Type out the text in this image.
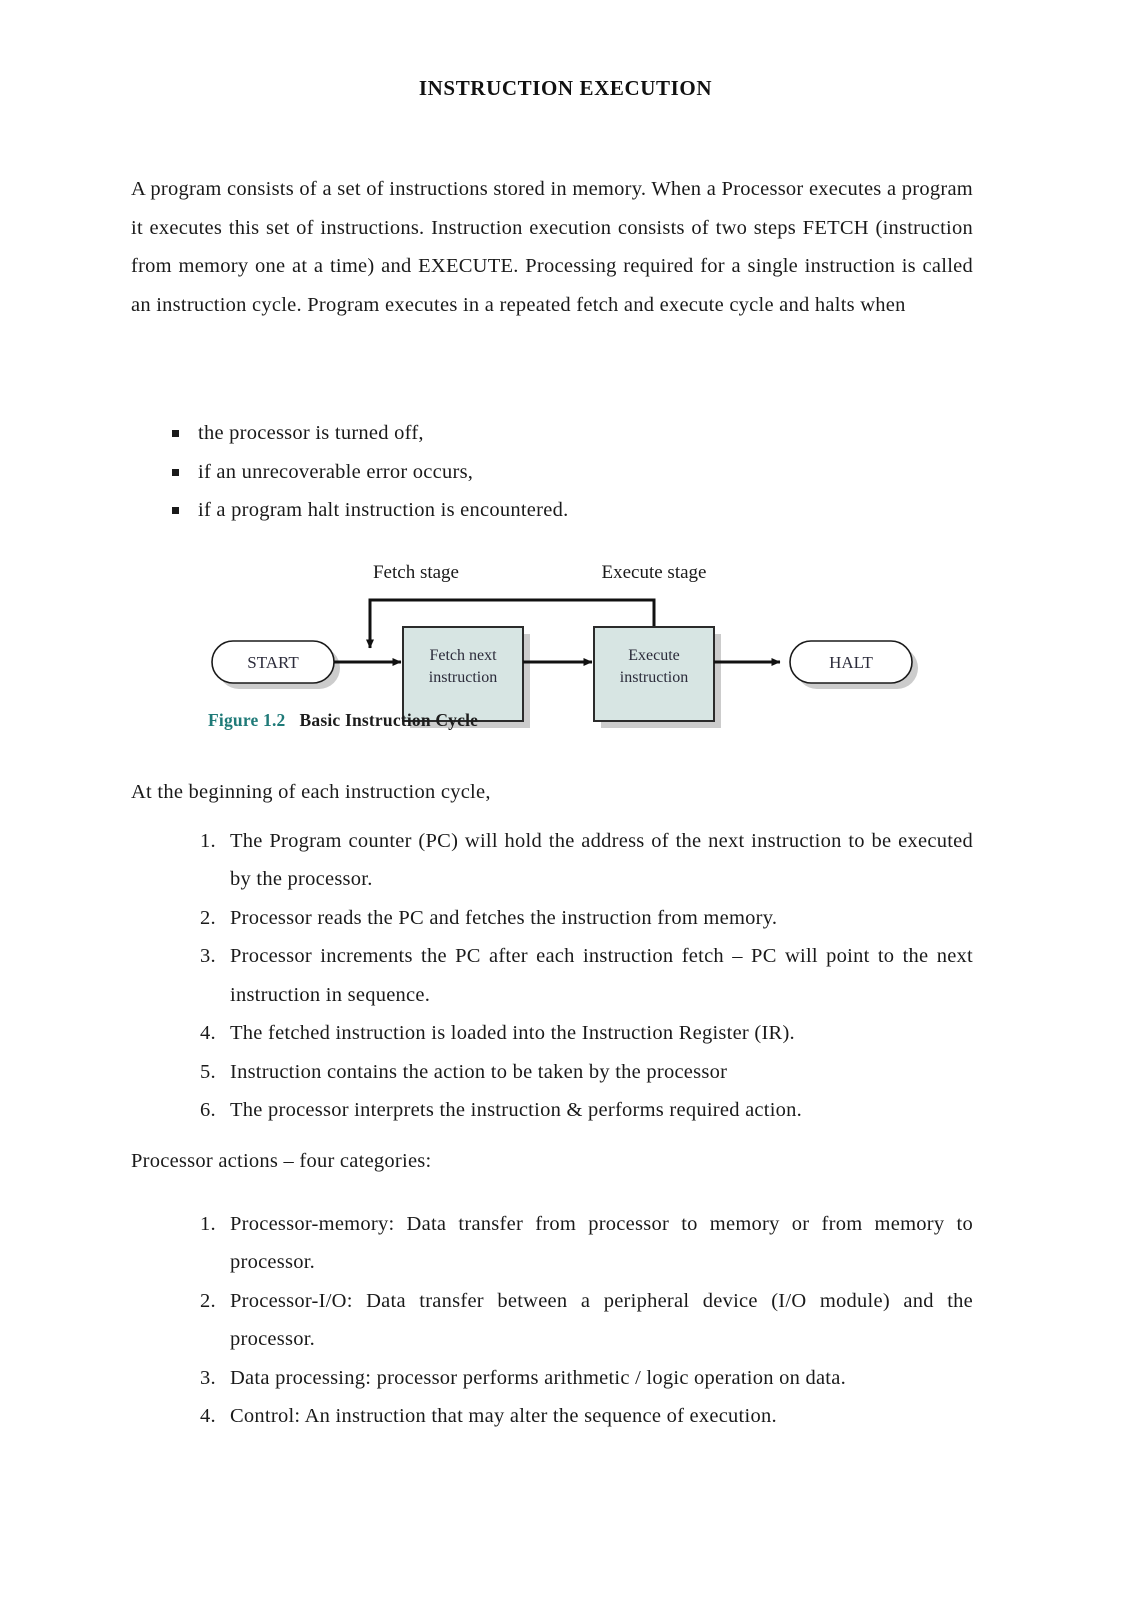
INSTRUCTION EXECUTION

A program consists of a set of instructions stored in memory. When a Processor executes a program it executes this set of instructions. Instruction execution consists of two steps FETCH (instruction from memory one at a time) and EXECUTE. Processing required for a single instruction is called an instruction cycle. Program executes in a repeated fetch and execute cycle and halts when

the processor is turned off,
if an unrecoverable error occurs,
if a program halt instruction is encountered.
Fetch stage	Execute stage
START	Fetch next
instruction
Execute
instruction
HALT
Figure 1.2 Basic Instruction Cycle

At the beginning of each instruction cycle,

1. The Program counter (PC) will hold the address of the next instruction to be executed by the processor.
2. Processor reads the PC and fetches the instruction from memory.
3. Processor increments the PC after each instruction fetch – PC will point to the next instruction in sequence.
4. The fetched instruction is loaded into the Instruction Register (IR).
5. Instruction contains the action to be taken by the processor
6. The processor interprets the instruction & performs required action.

Processor actions – four categories:

1. Processor-memory: Data transfer from processor to memory or from memory to processor.
2. Processor-I/O: Data transfer between a peripheral device (I/O module) and the processor.
3. Data processing: processor performs arithmetic / logic operation on data.
4. Control: An instruction that may alter the sequence of execution.
